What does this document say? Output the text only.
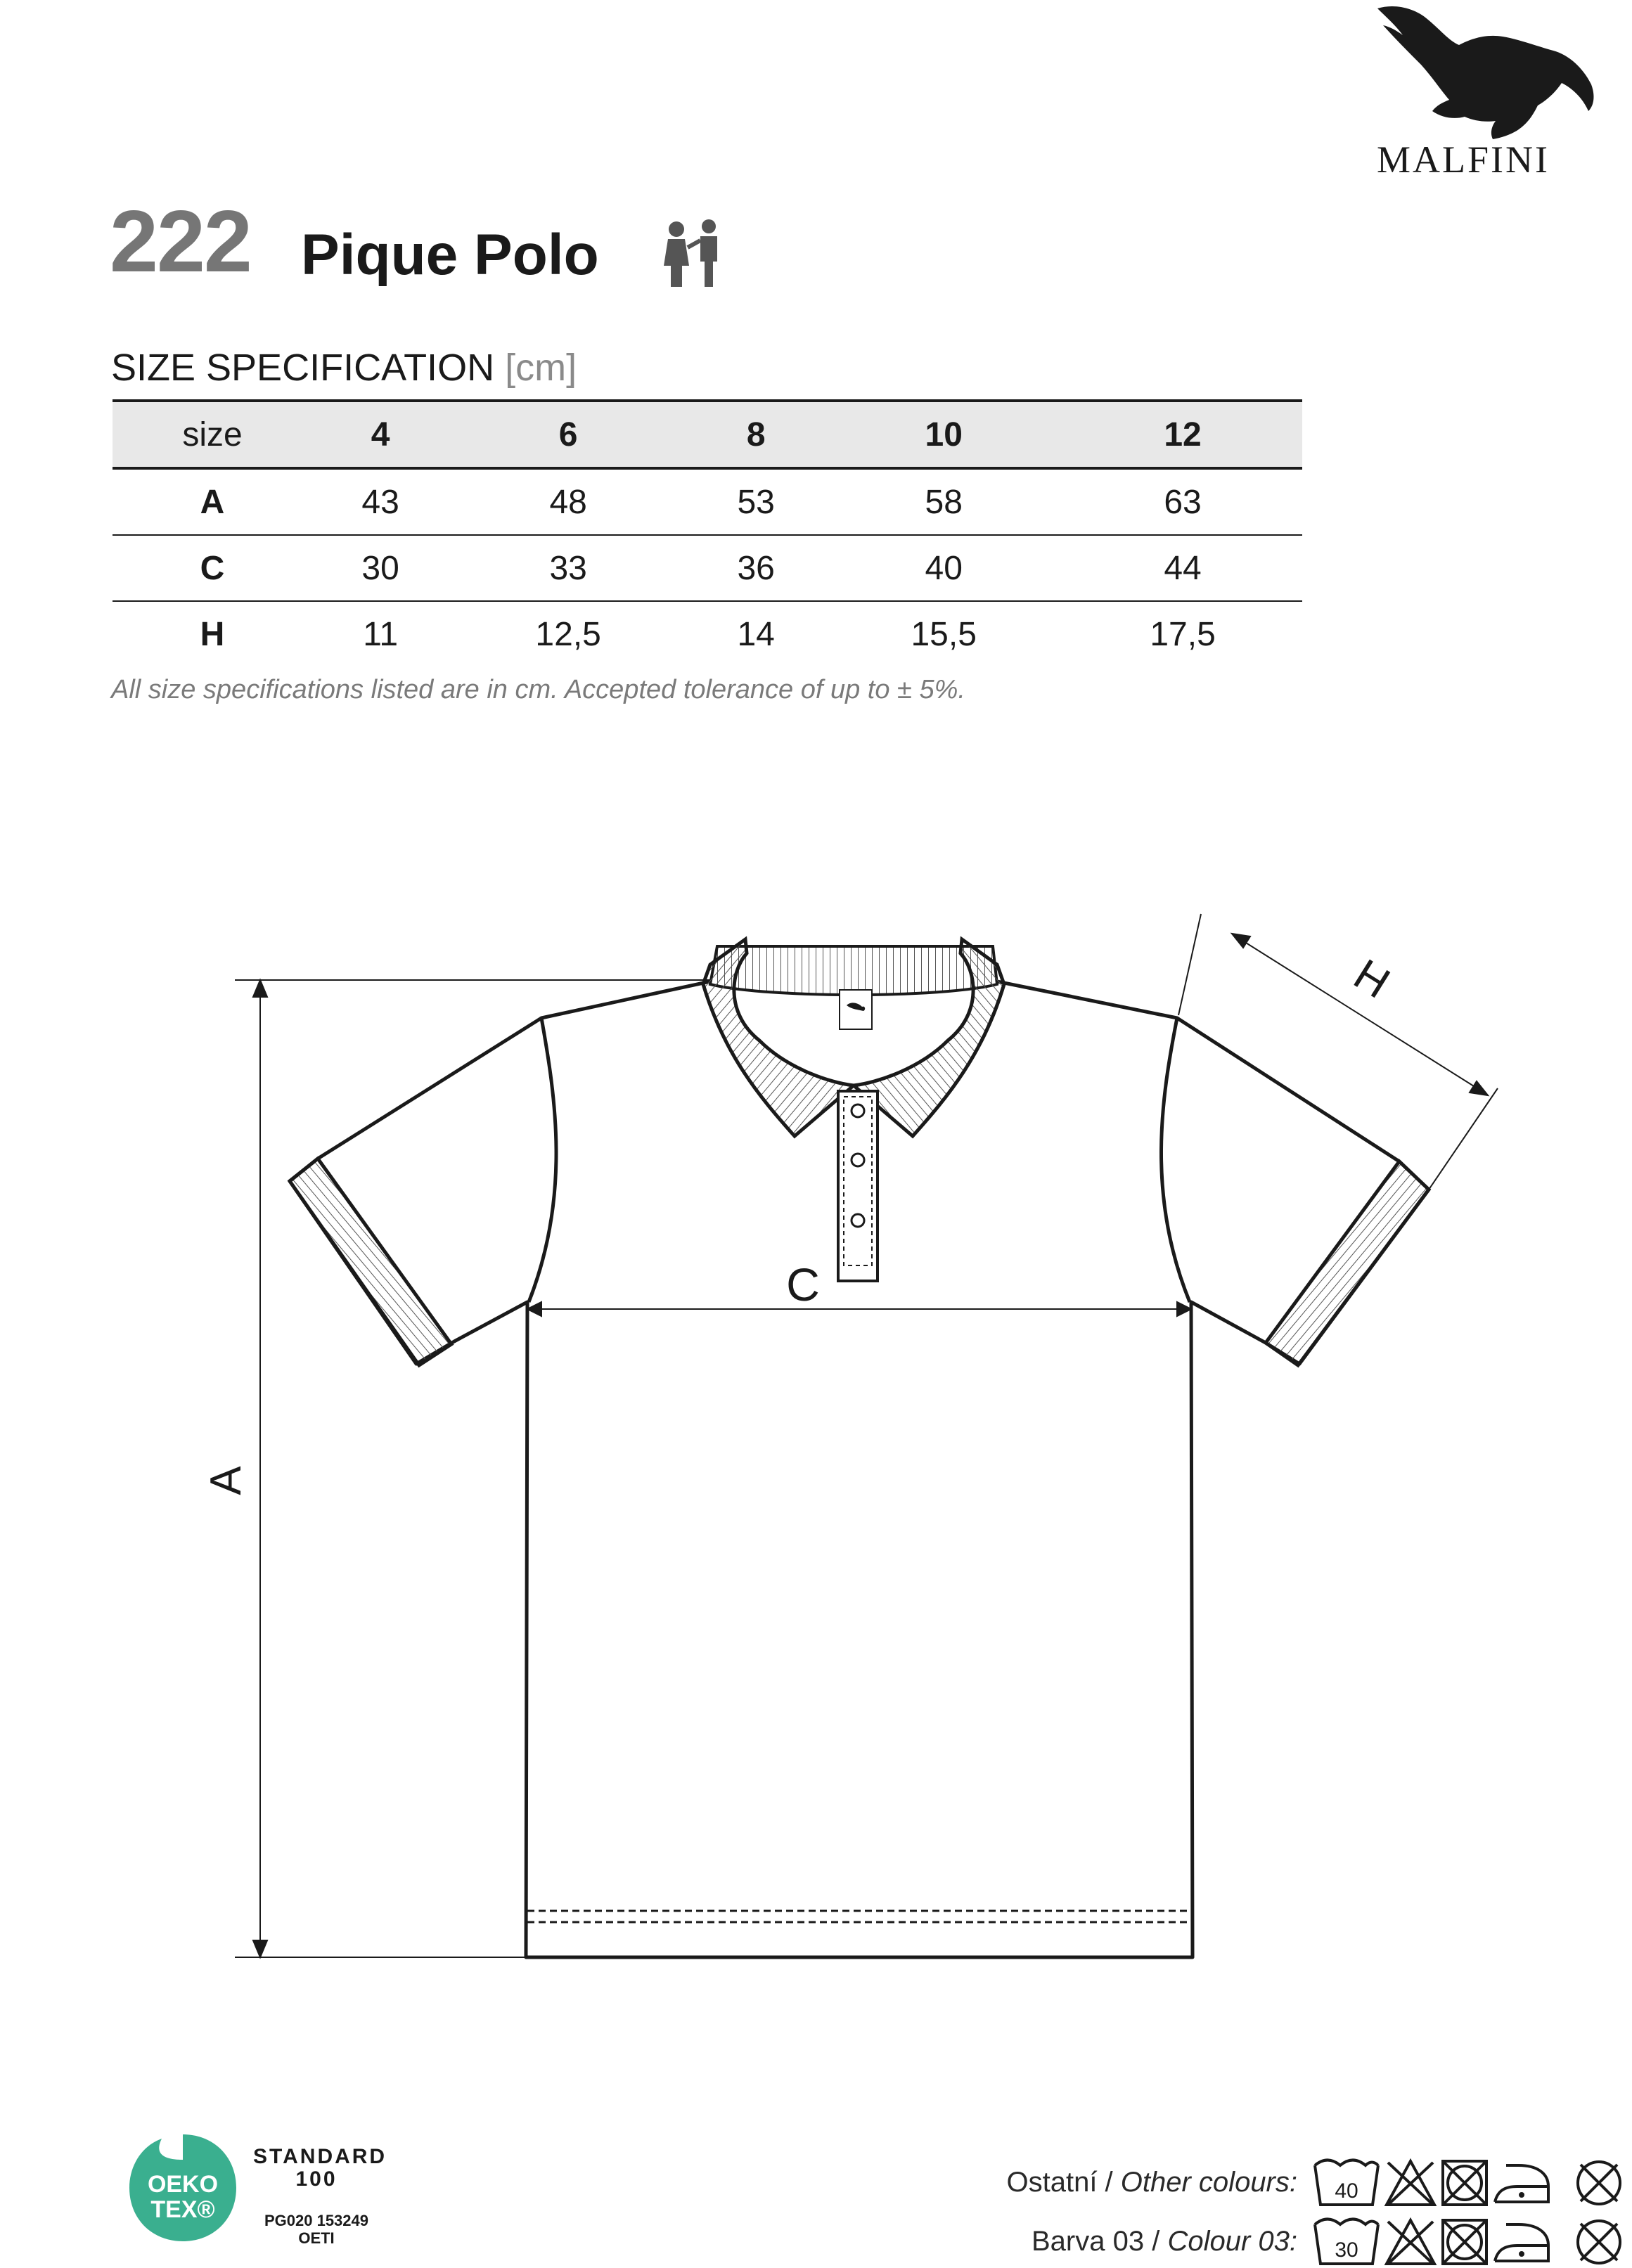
MALFINI
222 Pique Polo
SIZE SPECIFICATION [cm]
size	4	6	8	10	12
A	43	48	53	58	63
C	30	33	36	40	44
H	11	12,5	14	15,5	17,5
All size specifications listed are in cm. Accepted tolerance of up to ± 5%.
A
C
H
OEKO
TEX®
STANDARD
100
PG020 153249
OETI
Ostatní / Other colours:
Barva 03 / Colour 03:
40
30
